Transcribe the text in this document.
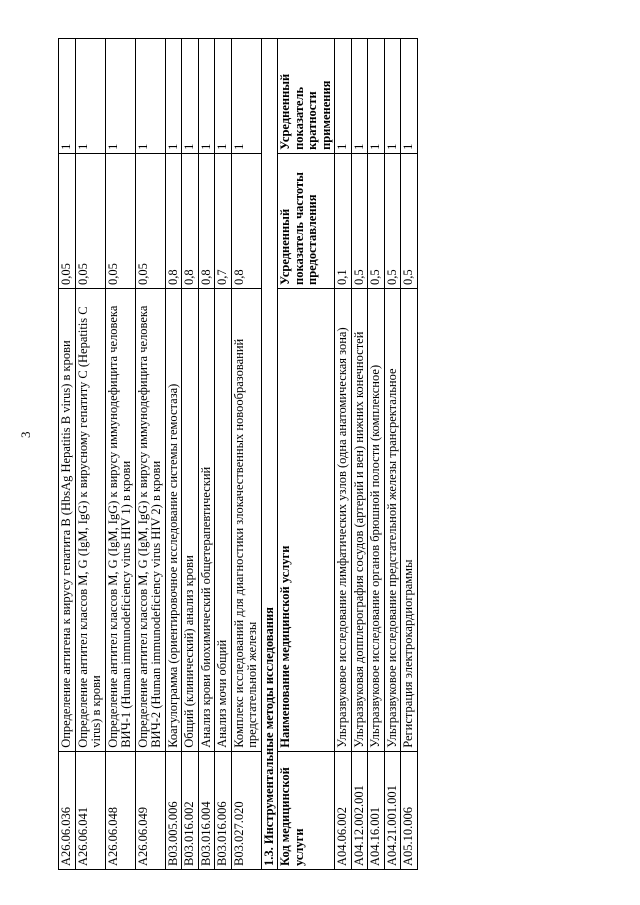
3
A26.06.036	Определение антигена к вирусу гепатита B (HbsAg Hepatitis B virus) в крови	0,05	1
A26.06.041	Определение антител классов M, G (IgM, IgG) к вирусному гепатиту C (Hepatitis C virus) в крови	0,05	1
A26.06.048	Определение антител классов M, G (IgM, IgG) к вирусу иммунодефицита человека ВИЧ-1 (Human immunodeficiency virus HIV 1) в крови	0,05	1
A26.06.049	Определение антител классов M, G (IgM, IgG) к вирусу иммунодефицита человека ВИЧ-2 (Human immunodeficiency virus HIV 2) в крови	0,05	1
B03.005.006	Коагулограмма (ориентировочное исследование системы гемостаза)	0,8	1
B03.016.002	Общий (клинический) анализ крови	0,8	1
B03.016.004	Анализ крови биохимический общетерапевтический	0,8	1
B03.016.006	Анализ мочи общий	0,7	1
B03.027.020	Комплекс исследований для диагностики злокачественных новообразований предстательной железы	0,8	1
1.3. Инструментальные методы исследования			
Код медицинской услуги	Наименование медицинской услуги	Усредненный показатель частоты предоставления	Усредненный показатель кратности применения
A04.06.002	Ультразвуковое исследование лимфатических узлов (одна анатомическая зона)	0,1	1
A04.12.002.001	Ультразвуковая допплерография сосудов (артерий и вен) нижних конечностей	0,5	1
A04.16.001	Ультразвуковое исследование органов брюшной полости (комплексное)	0,5	1
A04.21.001.001	Ультразвуковое исследование предстательной железы трансректальное	0,5	1
A05.10.006	Регистрация электрокардиограммы	0,5	1
